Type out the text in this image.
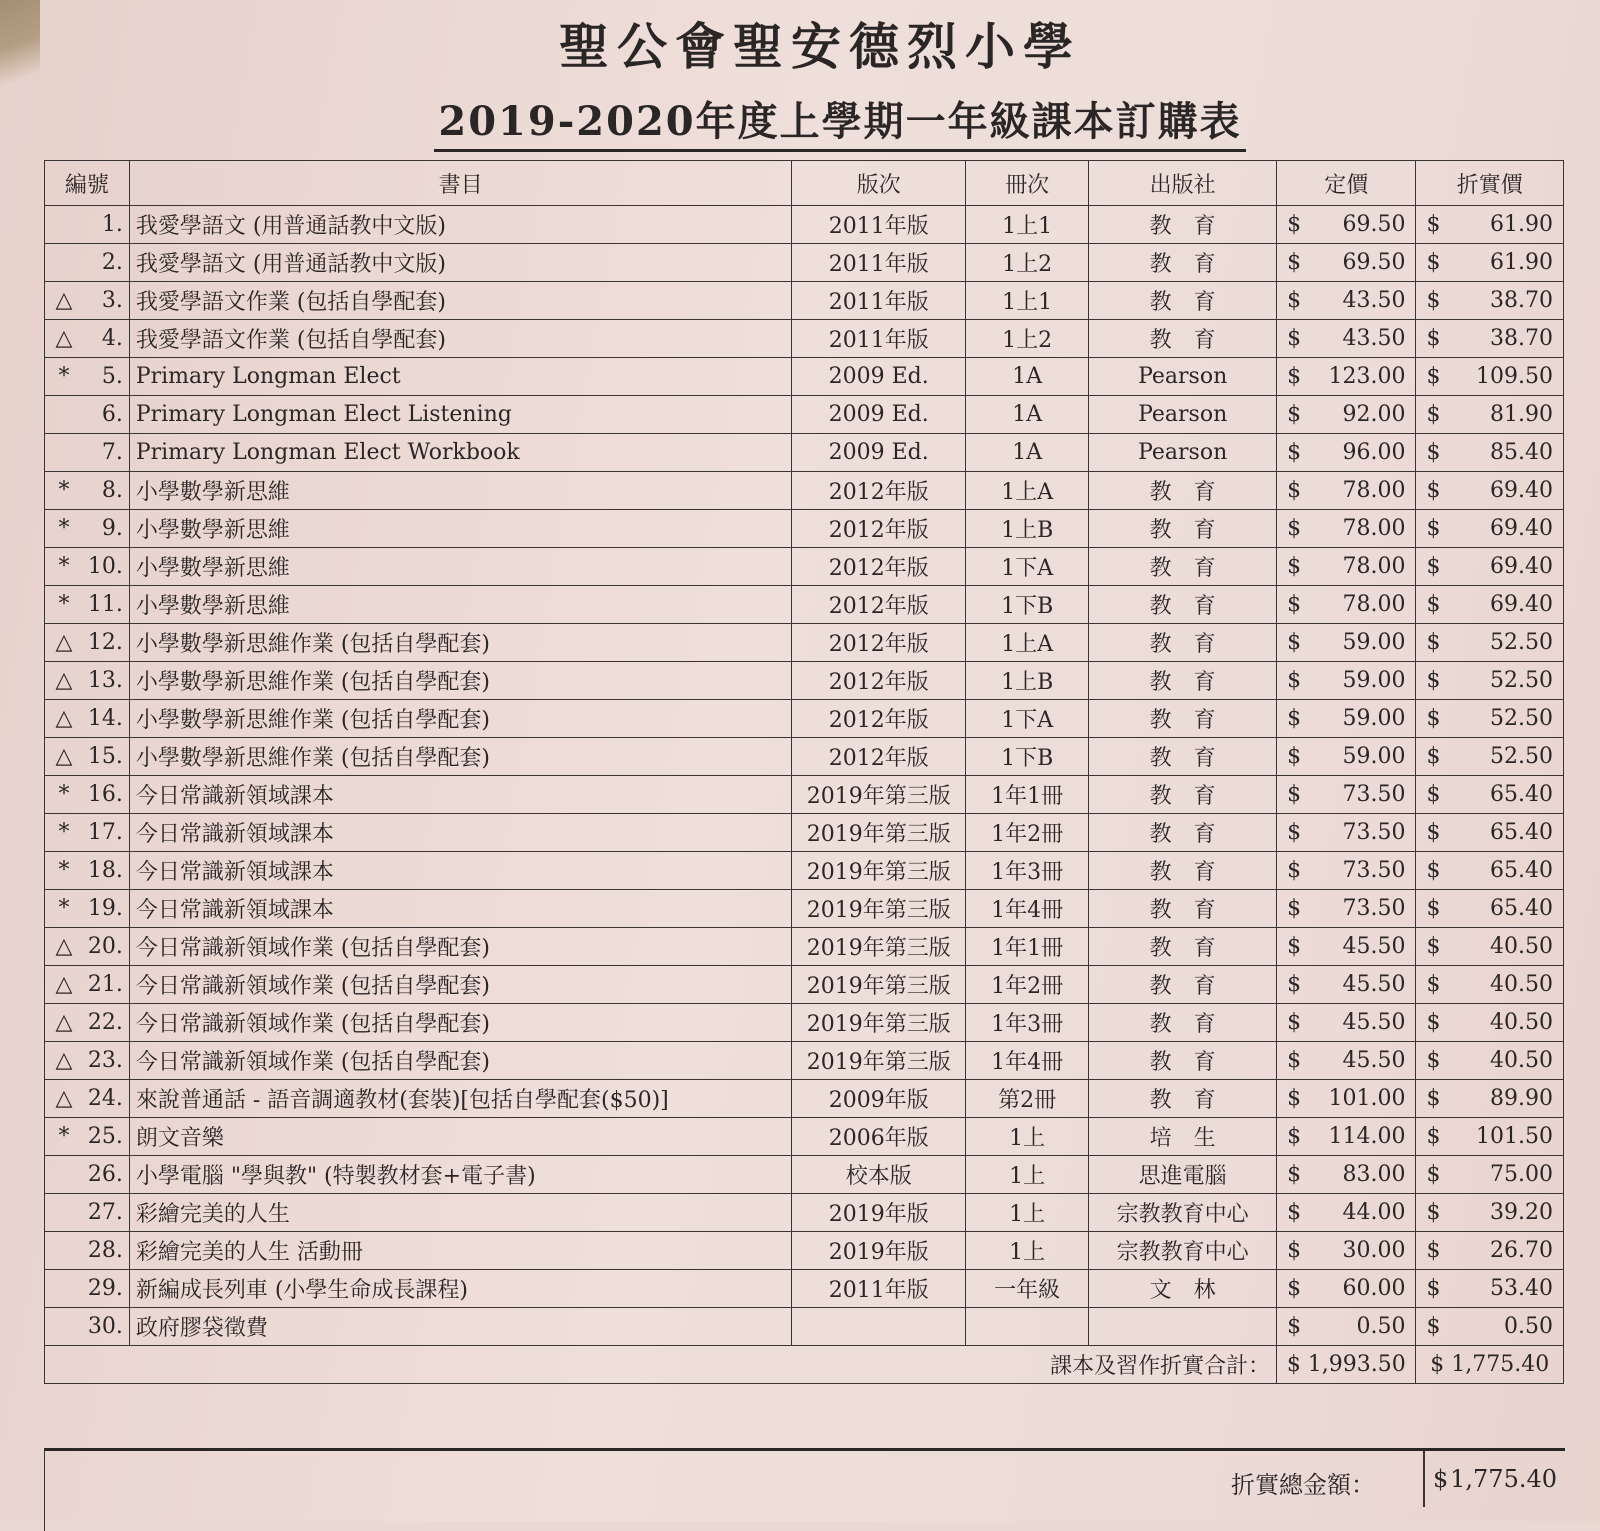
聖公會聖安德烈小學
2019-2020年度上學期一年級課本訂購表
編號	書目	版次	冊次	出版社	定價	折實價

1.	我愛學語文 (用普通話教中文版)	2011年版	1上1	教　育	$ 69.50	$ 61.90

2.	我愛學語文 (用普通話教中文版)	2011年版	1上2	教　育	$ 69.50	$ 61.90

△ 3.	我愛學語文作業 (包括自學配套)	2011年版	1上1	教　育	$ 43.50	$ 38.70

△ 4.	我愛學語文作業 (包括自學配套)	2011年版	1上2	教　育	$ 43.50	$ 38.70

* 5.	Primary Longman Elect	2009 Ed.	1A	Pearson	$ 123.00	$ 109.50

6.	Primary Longman Elect Listening	2009 Ed.	1A	Pearson	$ 92.00	$ 81.90

7.	Primary Longman Elect Workbook	2009 Ed.	1A	Pearson	$ 96.00	$ 85.40

* 8.	小學數學新思維	2012年版	1上A	教　育	$ 78.00	$ 69.40

* 9.	小學數學新思維	2012年版	1上B	教　育	$ 78.00	$ 69.40

* 10.	小學數學新思維	2012年版	1下A	教　育	$ 78.00	$ 69.40

* 11.	小學數學新思維	2012年版	1下B	教　育	$ 78.00	$ 69.40

△ 12.	小學數學新思維作業 (包括自學配套)	2012年版	1上A	教　育	$ 59.00	$ 52.50

△ 13.	小學數學新思維作業 (包括自學配套)	2012年版	1上B	教　育	$ 59.00	$ 52.50

△ 14.	小學數學新思維作業 (包括自學配套)	2012年版	1下A	教　育	$ 59.00	$ 52.50

△ 15.	小學數學新思維作業 (包括自學配套)	2012年版	1下B	教　育	$ 59.00	$ 52.50

* 16.	今日常識新領域課本	2019年第三版	1年1冊	教　育	$ 73.50	$ 65.40

* 17.	今日常識新領域課本	2019年第三版	1年2冊	教　育	$ 73.50	$ 65.40

* 18.	今日常識新領域課本	2019年第三版	1年3冊	教　育	$ 73.50	$ 65.40

* 19.	今日常識新領域課本	2019年第三版	1年4冊	教　育	$ 73.50	$ 65.40

△ 20.	今日常識新領域作業 (包括自學配套)	2019年第三版	1年1冊	教　育	$ 45.50	$ 40.50

△ 21.	今日常識新領域作業 (包括自學配套)	2019年第三版	1年2冊	教　育	$ 45.50	$ 40.50

△ 22.	今日常識新領域作業 (包括自學配套)	2019年第三版	1年3冊	教　育	$ 45.50	$ 40.50

△ 23.	今日常識新領域作業 (包括自學配套)	2019年第三版	1年4冊	教　育	$ 45.50	$ 40.50

△ 24.	來說普通話 - 語音調適教材(套裝)[包括自學配套($50)]	2009年版	第2冊	教　育	$ 101.00	$ 89.90

* 25.	朗文音樂	2006年版	1上	培　生	$ 114.00	$ 101.50

26.	小學電腦 "學與教" (特製教材套+電子書)	校本版	1上	思進電腦	$ 83.00	$ 75.00

27.	彩繪完美的人生	2019年版	1上	宗教教育中心	$ 44.00	$ 39.20

28.	彩繪完美的人生 活動冊	2019年版	1上	宗教教育中心	$ 30.00	$ 26.70

29.	新編成長列車 (小學生命成長課程)	2011年版	一年級	文　林	$ 60.00	$ 53.40

30.	政府膠袋徵費				$ 0.50	$ 0.50

課本及習作折實合計：					$ 1,993.50	$ 1,775.40
折實總金額： $ 1,775.40
